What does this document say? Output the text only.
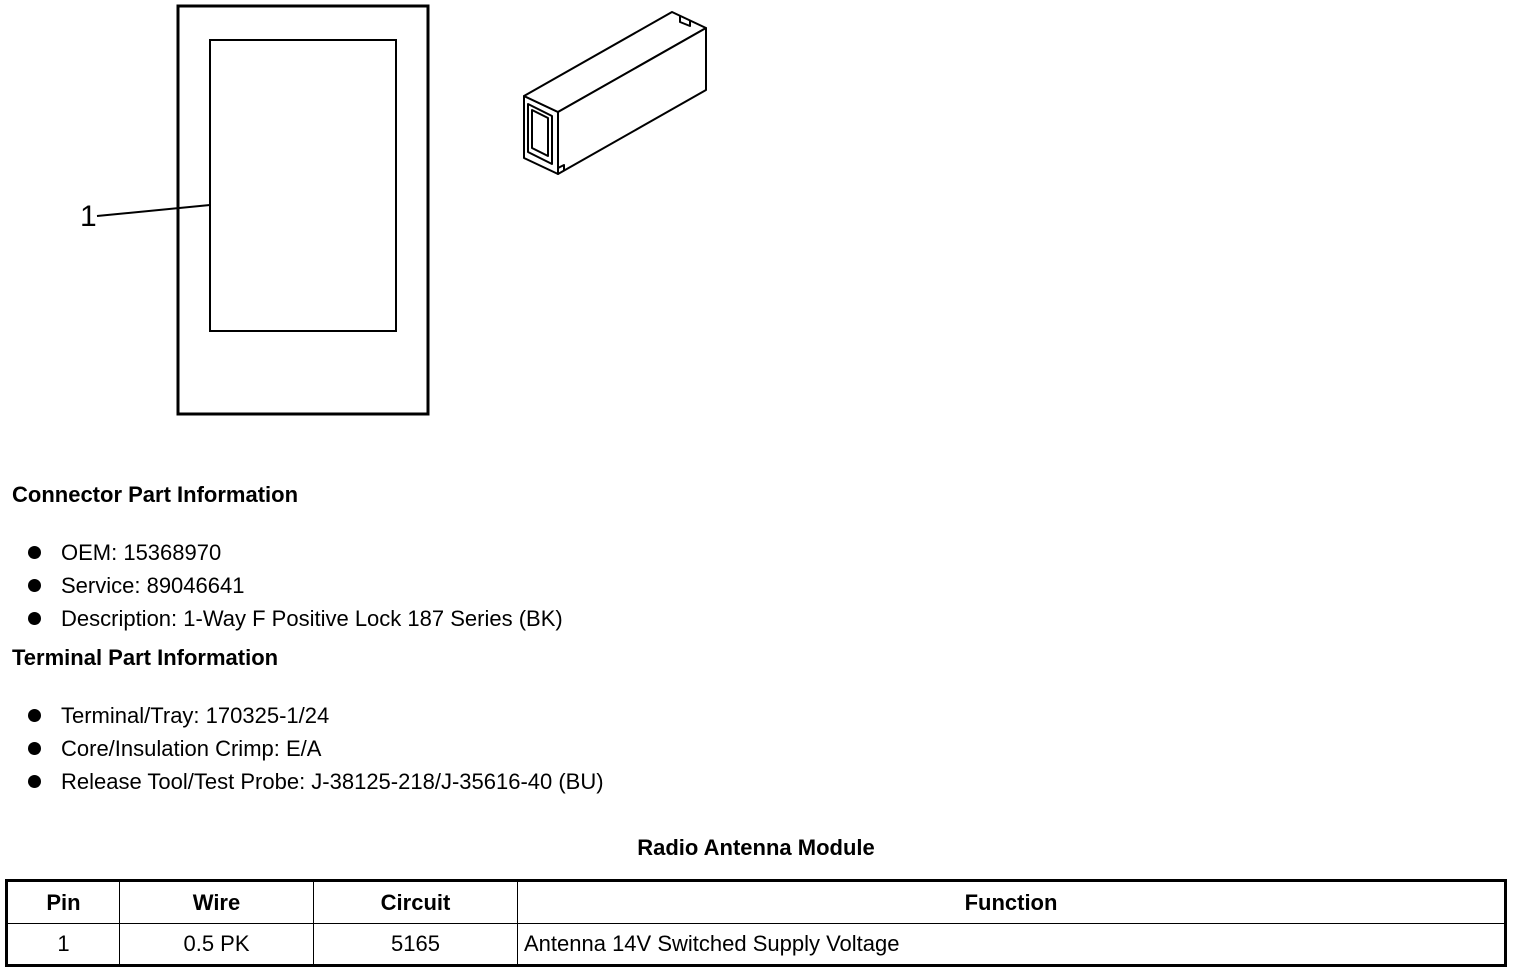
1
Connector Part Information
OEM: 15368970
Service: 89046641
Description: 1-Way F Positive Lock 187 Series (BK)
Terminal Part Information
Terminal/Tray: 170325-1/24
Core/Insulation Crimp: E/A
Release Tool/Test Probe: J-38125-218/J-35616-40 (BU)
Radio Antenna Module
Pin	Wire	Circuit	Function
1	0.5 PK	5165	Antenna 14V Switched Supply Voltage
